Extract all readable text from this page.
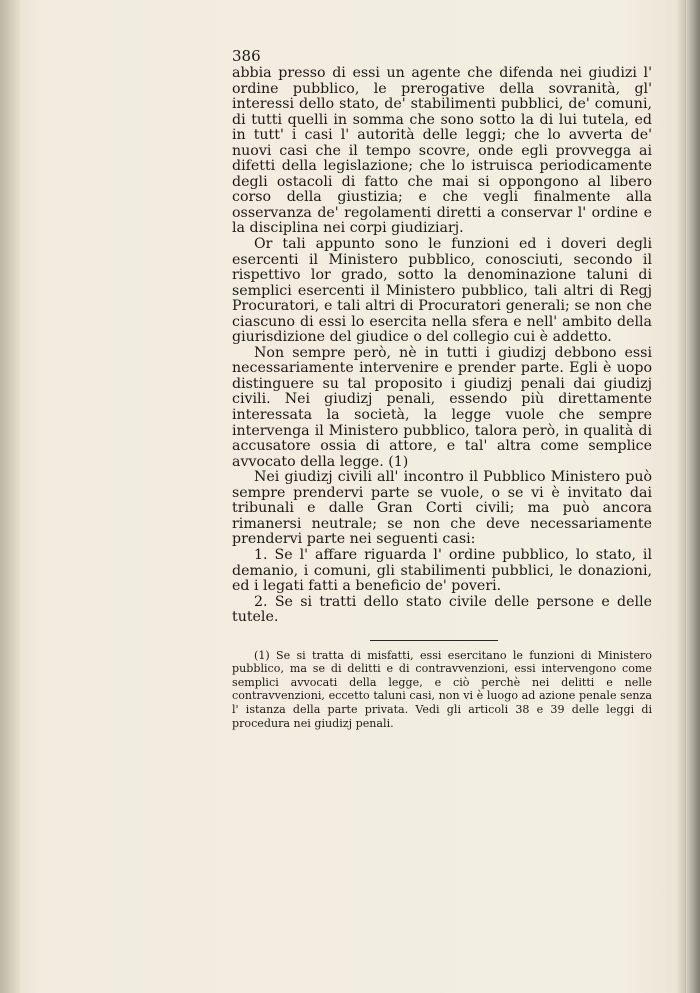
386

abbia presso di essi un agente che difenda nei giudizi l' ordine pubblico, le prerogative della sovranità, gl' interessi dello stato, de' stabilimenti pubblici, de' comuni, di tutti quelli in somma che sono sotto la di lui tutela, ed in tutt' i casi l' autorità delle leggi; che lo avverta de' nuovi casi che il tempo scovre, onde egli provvegga ai difetti della legislazione; che lo istruisca periodicamente degli ostacoli di fatto che mai si oppongono al libero corso della giustizia; e che vegli finalmente alla osservanza de' regolamenti diretti a conservar l' ordine e la disciplina nei corpi giudiziarj.

Or tali appunto sono le funzioni ed i doveri degli esercenti il Ministero pubblico, conosciuti, secondo il rispettivo lor grado, sotto la denominazione taluni di semplici esercenti il Ministero pubblico, tali altri di Regj Procuratori, e tali altri di Procuratori generali; se non che ciascuno di essi lo esercita nella sfera e nell' ambito della giurisdizione del giudice o del collegio cui è addetto.

Non sempre però, nè in tutti i giudizj debbono essi necessariamente intervenire e prender parte. Egli è uopo distinguere su tal proposito i giudizj penali dai giudizj civili. Nei giudizj penali, essendo più direttamente interessata la società, la legge vuole che sempre intervenga il Ministero pubblico, talora però, in qualità di accusatore ossia di attore, e tal' altra come semplice avvocato della legge. (1)

Nei giudizj civili all' incontro il Pubblico Ministero può sempre prendervi parte se vuole, o se vi è invitato dai tribunali e dalle Gran Corti civili; ma può ancora rimanersi neutrale; se non che deve necessariamente prendervi parte nei seguenti casi:

1. Se l' affare riguarda l' ordine pubblico, lo stato, il demanio, i comuni, gli stabilimenti pubblici, le donazioni, ed i legati fatti a beneficio de' poveri.

2. Se si tratti dello stato civile delle persone e delle tutele.

(1) Se si tratta di misfatti, essi esercitano le funzioni di Ministero pubblico, ma se di delitti e di contravvenzioni, essi intervengono come semplici avvocati della legge, e ciò perchè nei delitti e nelle contravvenzioni, eccetto taluni casi, non vi è luogo ad azione penale senza l' istanza della parte privata. Vedi gli articoli 38 e 39 delle leggi di procedura nei giudizj penali.
